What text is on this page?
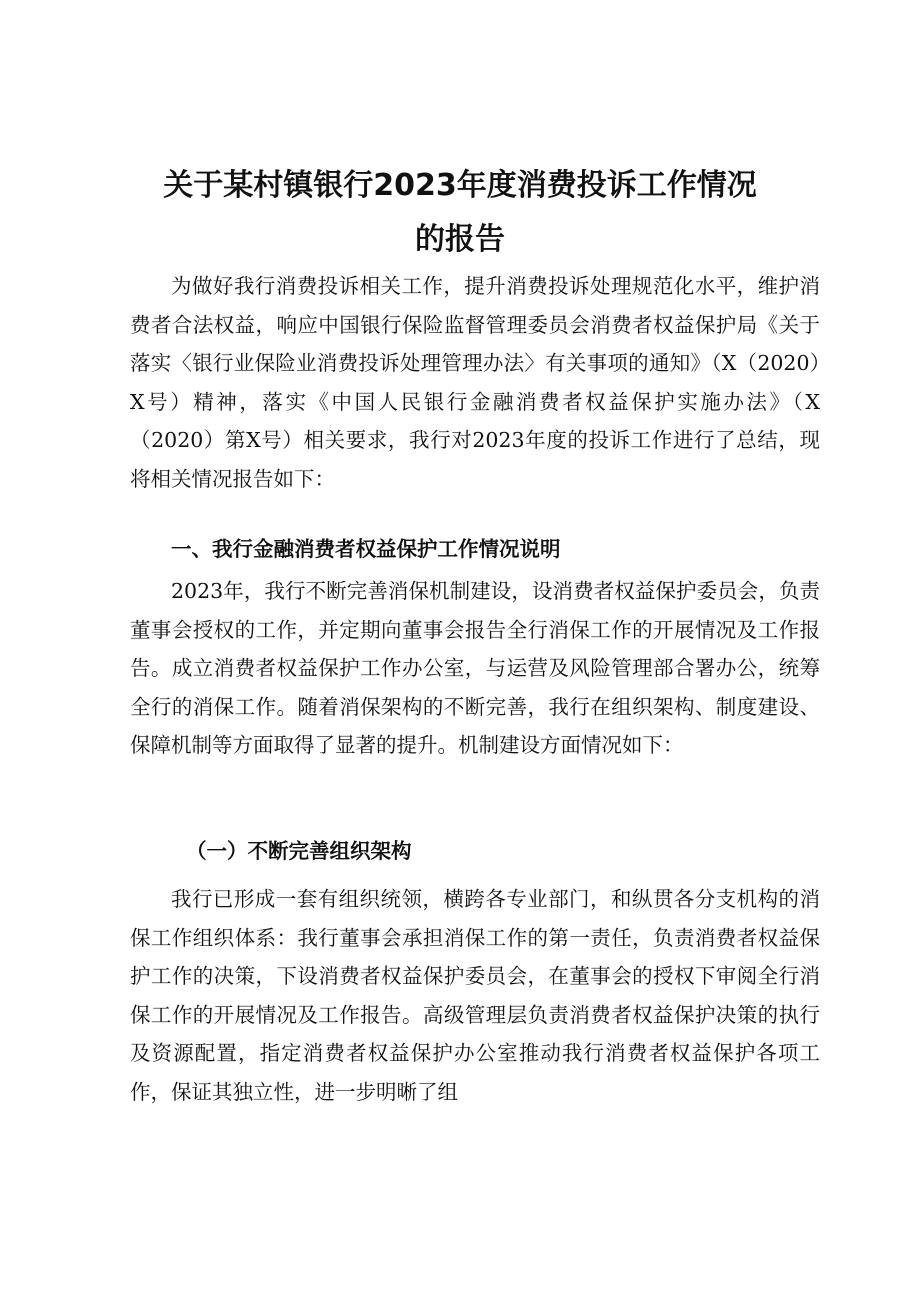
关于某村镇银行2023年度消费投诉工作情况
的报告

为做好我行消费投诉相关工作，提升消费投诉处理规范化水平，维护消费者合法权益，响应中国银行保险监督管理委员会消费者权益保护局《关于落实〈银行业保险业消费投诉处理管理办法〉有关事项的通知》（X（2020）X号）精神，落实《中国人民银行金融消费者权益保护实施办法》（X（2020）第X号）相关要求，我行对2023年度的投诉工作进行了总结，现将相关情况报告如下：

一、我行金融消费者权益保护工作情况说明

2023年，我行不断完善消保机制建设，设消费者权益保护委员会，负责董事会授权的工作，并定期向董事会报告全行消保工作的开展情况及工作报告。成立消费者权益保护工作办公室，与运营及风险管理部合署办公，统筹全行的消保工作。随着消保架构的不断完善，我行在组织架构、制度建设、保障机制等方面取得了显著的提升。机制建设方面情况如下：

（一）不断完善组织架构

我行已形成一套有组织统领，横跨各专业部门，和纵贯各分支机构的消保工作组织体系：我行董事会承担消保工作的第一责任，负责消费者权益保护工作的决策，下设消费者权益保护委员会，在董事会的授权下审阅全行消保工作的开展情况及工作报告。高级管理层负责消费者权益保护决策的执行及资源配置，指定消费者权益保护办公室推动我行消费者权益保护各项工作，保证其独立性，进一步明晰了组
